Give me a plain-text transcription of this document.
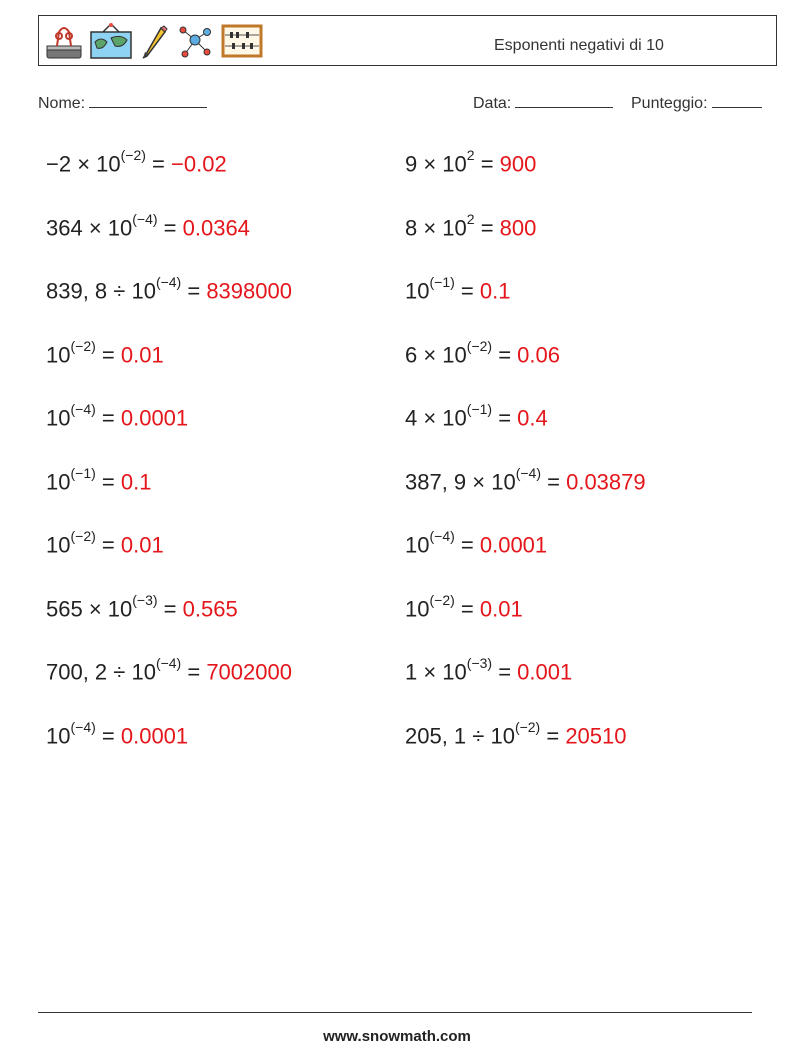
Esponenti negativi di 10
Nome:	Data:	Punteggio:
$-2 \times 10^{(-2)} = -0.02$
$364 \times 10^{(-4)} = 0.0364$
839, $8 \div 10^{(-4)} = 8398000$
$10^{(-2)} = 0.01$
$10^{(-4)} = 0.0001$
$10^{(-1)} = 0.1$
$10^{(-2)} = 0.01$
$565 \times 10^{(-3)} = 0.565$
700, $2 \div 10^{(-4)} = 7002000$
$10^{(-4)} = 0.0001$
$9 \times 10^2 = 900$
$8 \times 10^2 = 800$
$10^{(-1)} = 0.1$
$6 \times 10^{(-2)} = 0.06$
$4 \times 10^{(-1)} = 0.4$
387, $9 \times 10^{(-4)} = 0.03879$
$10^{(-4)} = 0.0001$
$10^{(-2)} = 0.01$
$1 \times 10^{(-3)} = 0.001$
205, $1 \div 10^{(-2)} = 20510$
www.snowmath.com
